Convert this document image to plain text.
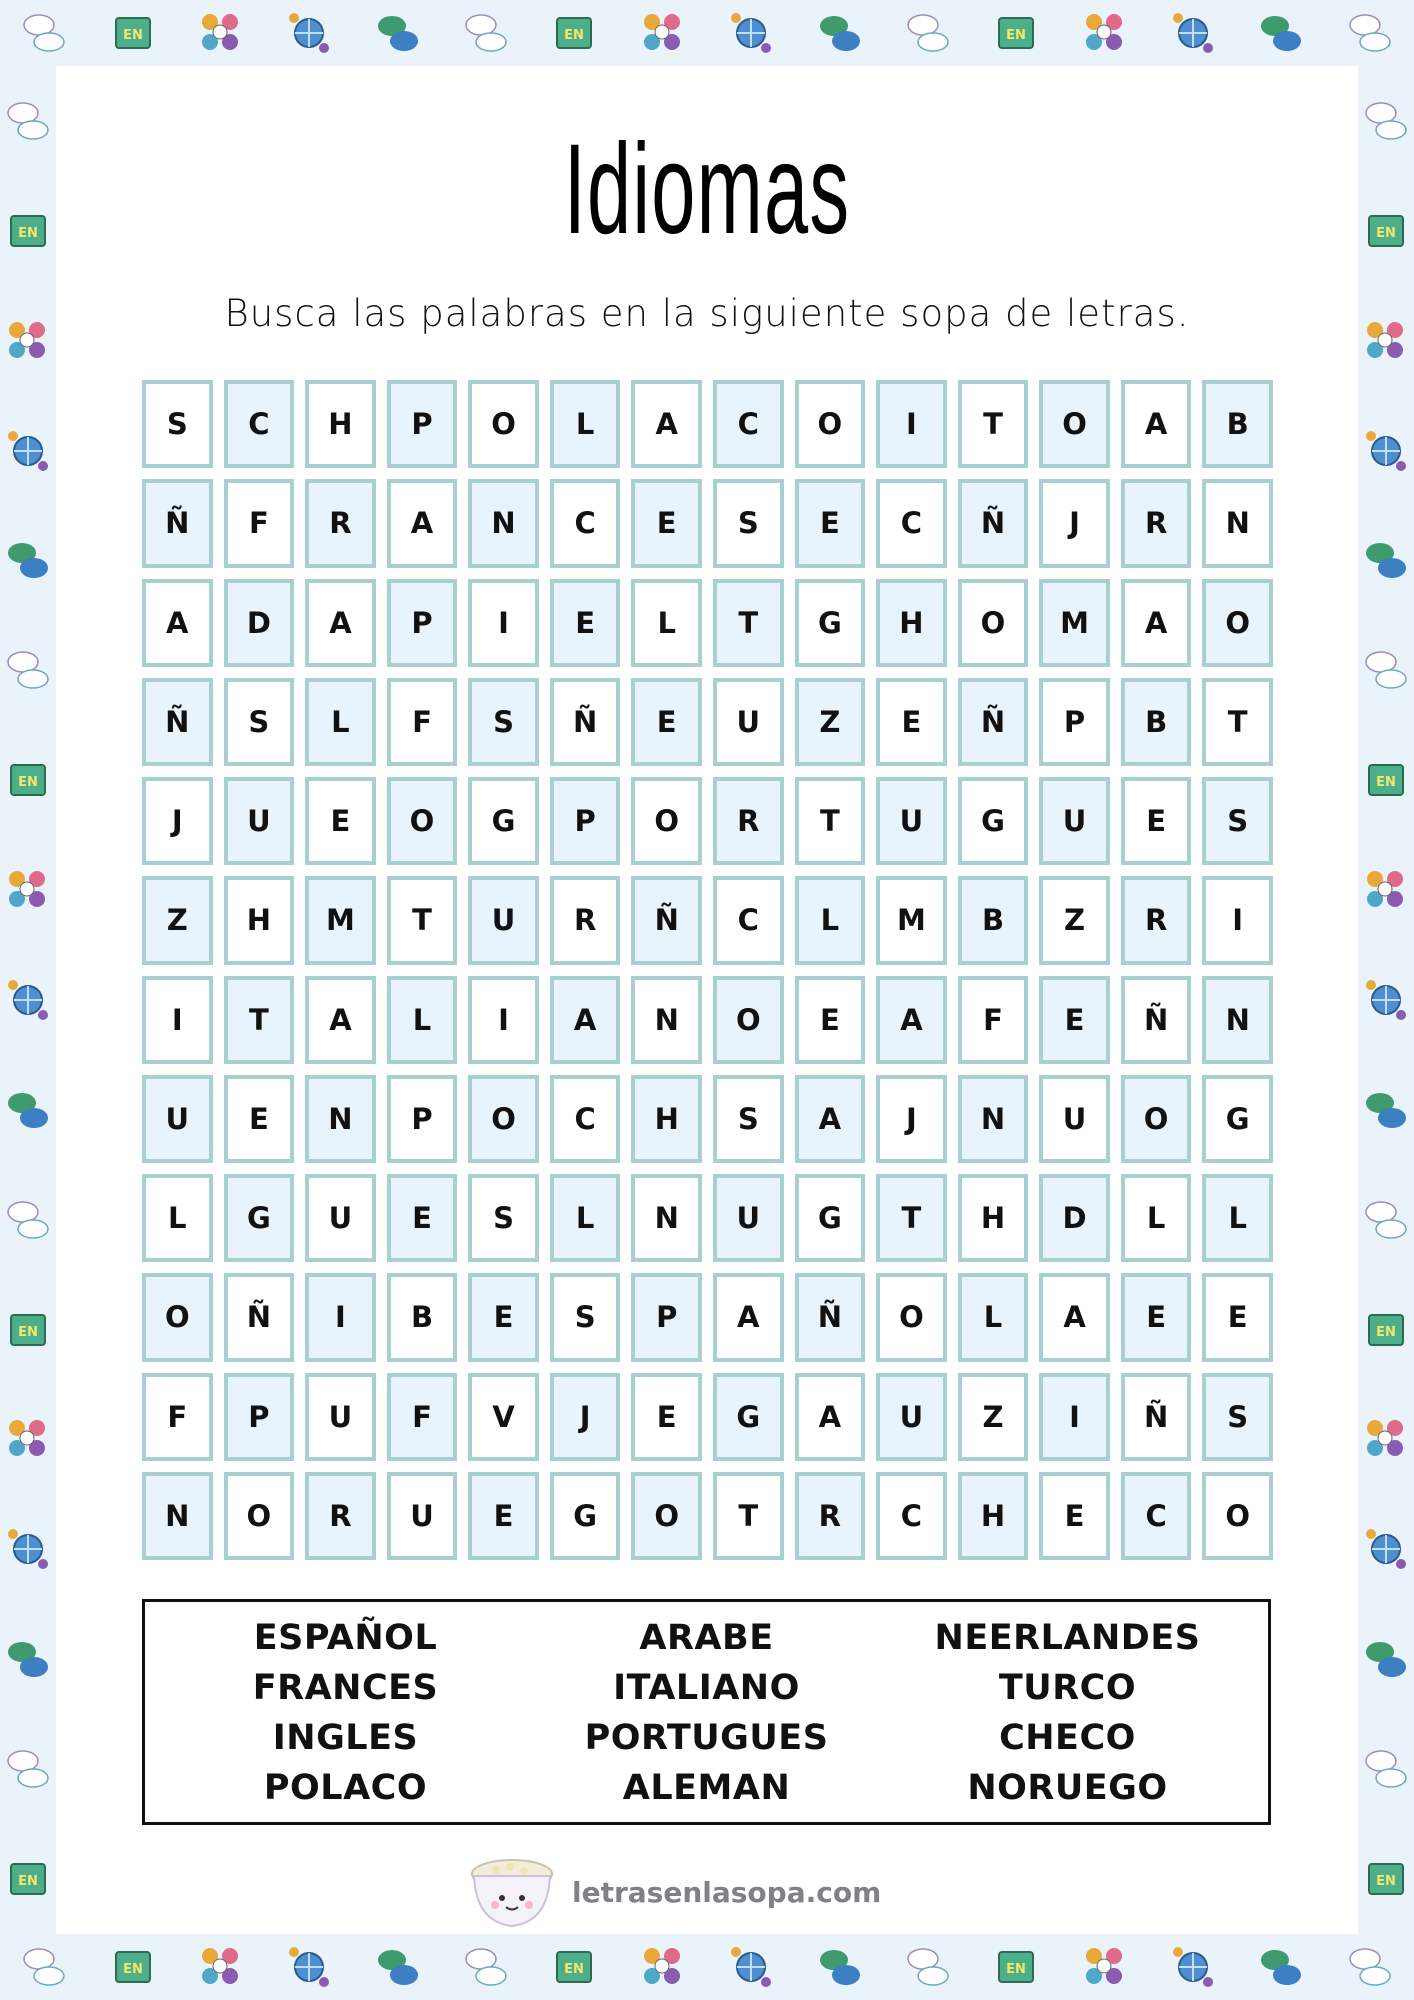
EN	EN	EN
EN	EN	EN
EN
EN
EN
EN
EN
EN
EN
EN
Idiomas
Busca las palabras en la siguiente sopa de letras.
S	C	H	P	O	L	A	C	O	I	T	O	A	B
Ñ	F	R	A	N	C	E	S	E	C	Ñ	J	R	N
A	D	A	P	I	E	L	T	G	H	O	M	A	O
Ñ	S	L	F	S	Ñ	E	U	Z	E	Ñ	P	B	T
J	U	E	O	G	P	O	R	T	U	G	U	E	S
Z	H	M	T	U	R	Ñ	C	L	M	B	Z	R	I
I	T	A	L	I	A	N	O	E	A	F	E	Ñ	N
U	E	N	P	O	C	H	S	A	J	N	U	O	G
L	G	U	E	S	L	N	U	G	T	H	D	L	L
O	Ñ	I	B	E	S	P	A	Ñ	O	L	A	E	E
F	P	U	F	V	J	E	G	A	U	Z	I	Ñ	S
N	O	R	U	E	G	O	T	R	C	H	E	C	O
ESPAÑOL
FRANCES
INGLES
POLACO
ARABE
ITALIANO
PORTUGUES
ALEMAN
NEERLANDES
TURCO
CHECO
NORUEGO
letrasenlasopa.com
